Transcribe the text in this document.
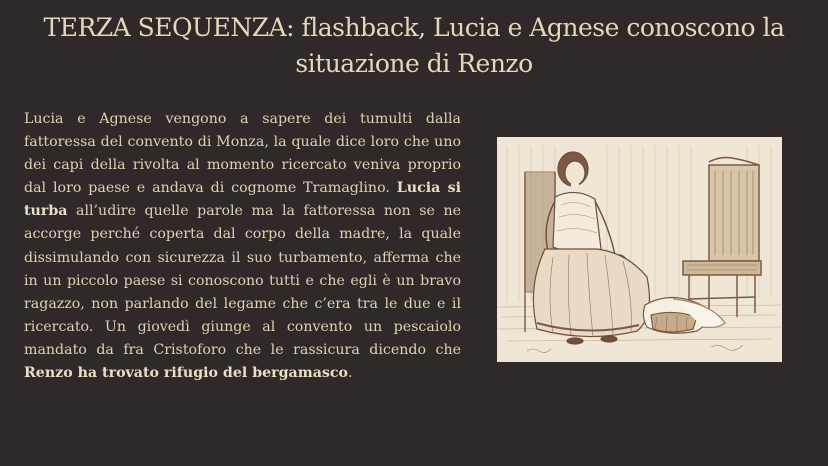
TERZA SEQUENZA: flashback, Lucia e Agnese conoscono la situazione di Renzo
Lucia e Agnese vengono a sapere dei tumulti dalla fattoressa del convento di Monza, la quale dice loro che uno dei capi della rivolta al momento ricercato veniva proprio dal loro paese e andava di cognome Tramaglino. Lucia si turba all’udire quelle parole ma la fattoressa non se ne accorge perché coperta dal corpo della madre, la quale dissimulando con sicurezza il suo turbamento, afferma che in un piccolo paese si conoscono tutti e che egli è un bravo ragazzo, non parlando del legame che c’era tra le due e il ricercato. Un giovedì giunge al convento un pescaiolo mandato da fra Cristoforo che le rassicura dicendo che Renzo ha trovato rifugio del bergamasco.
